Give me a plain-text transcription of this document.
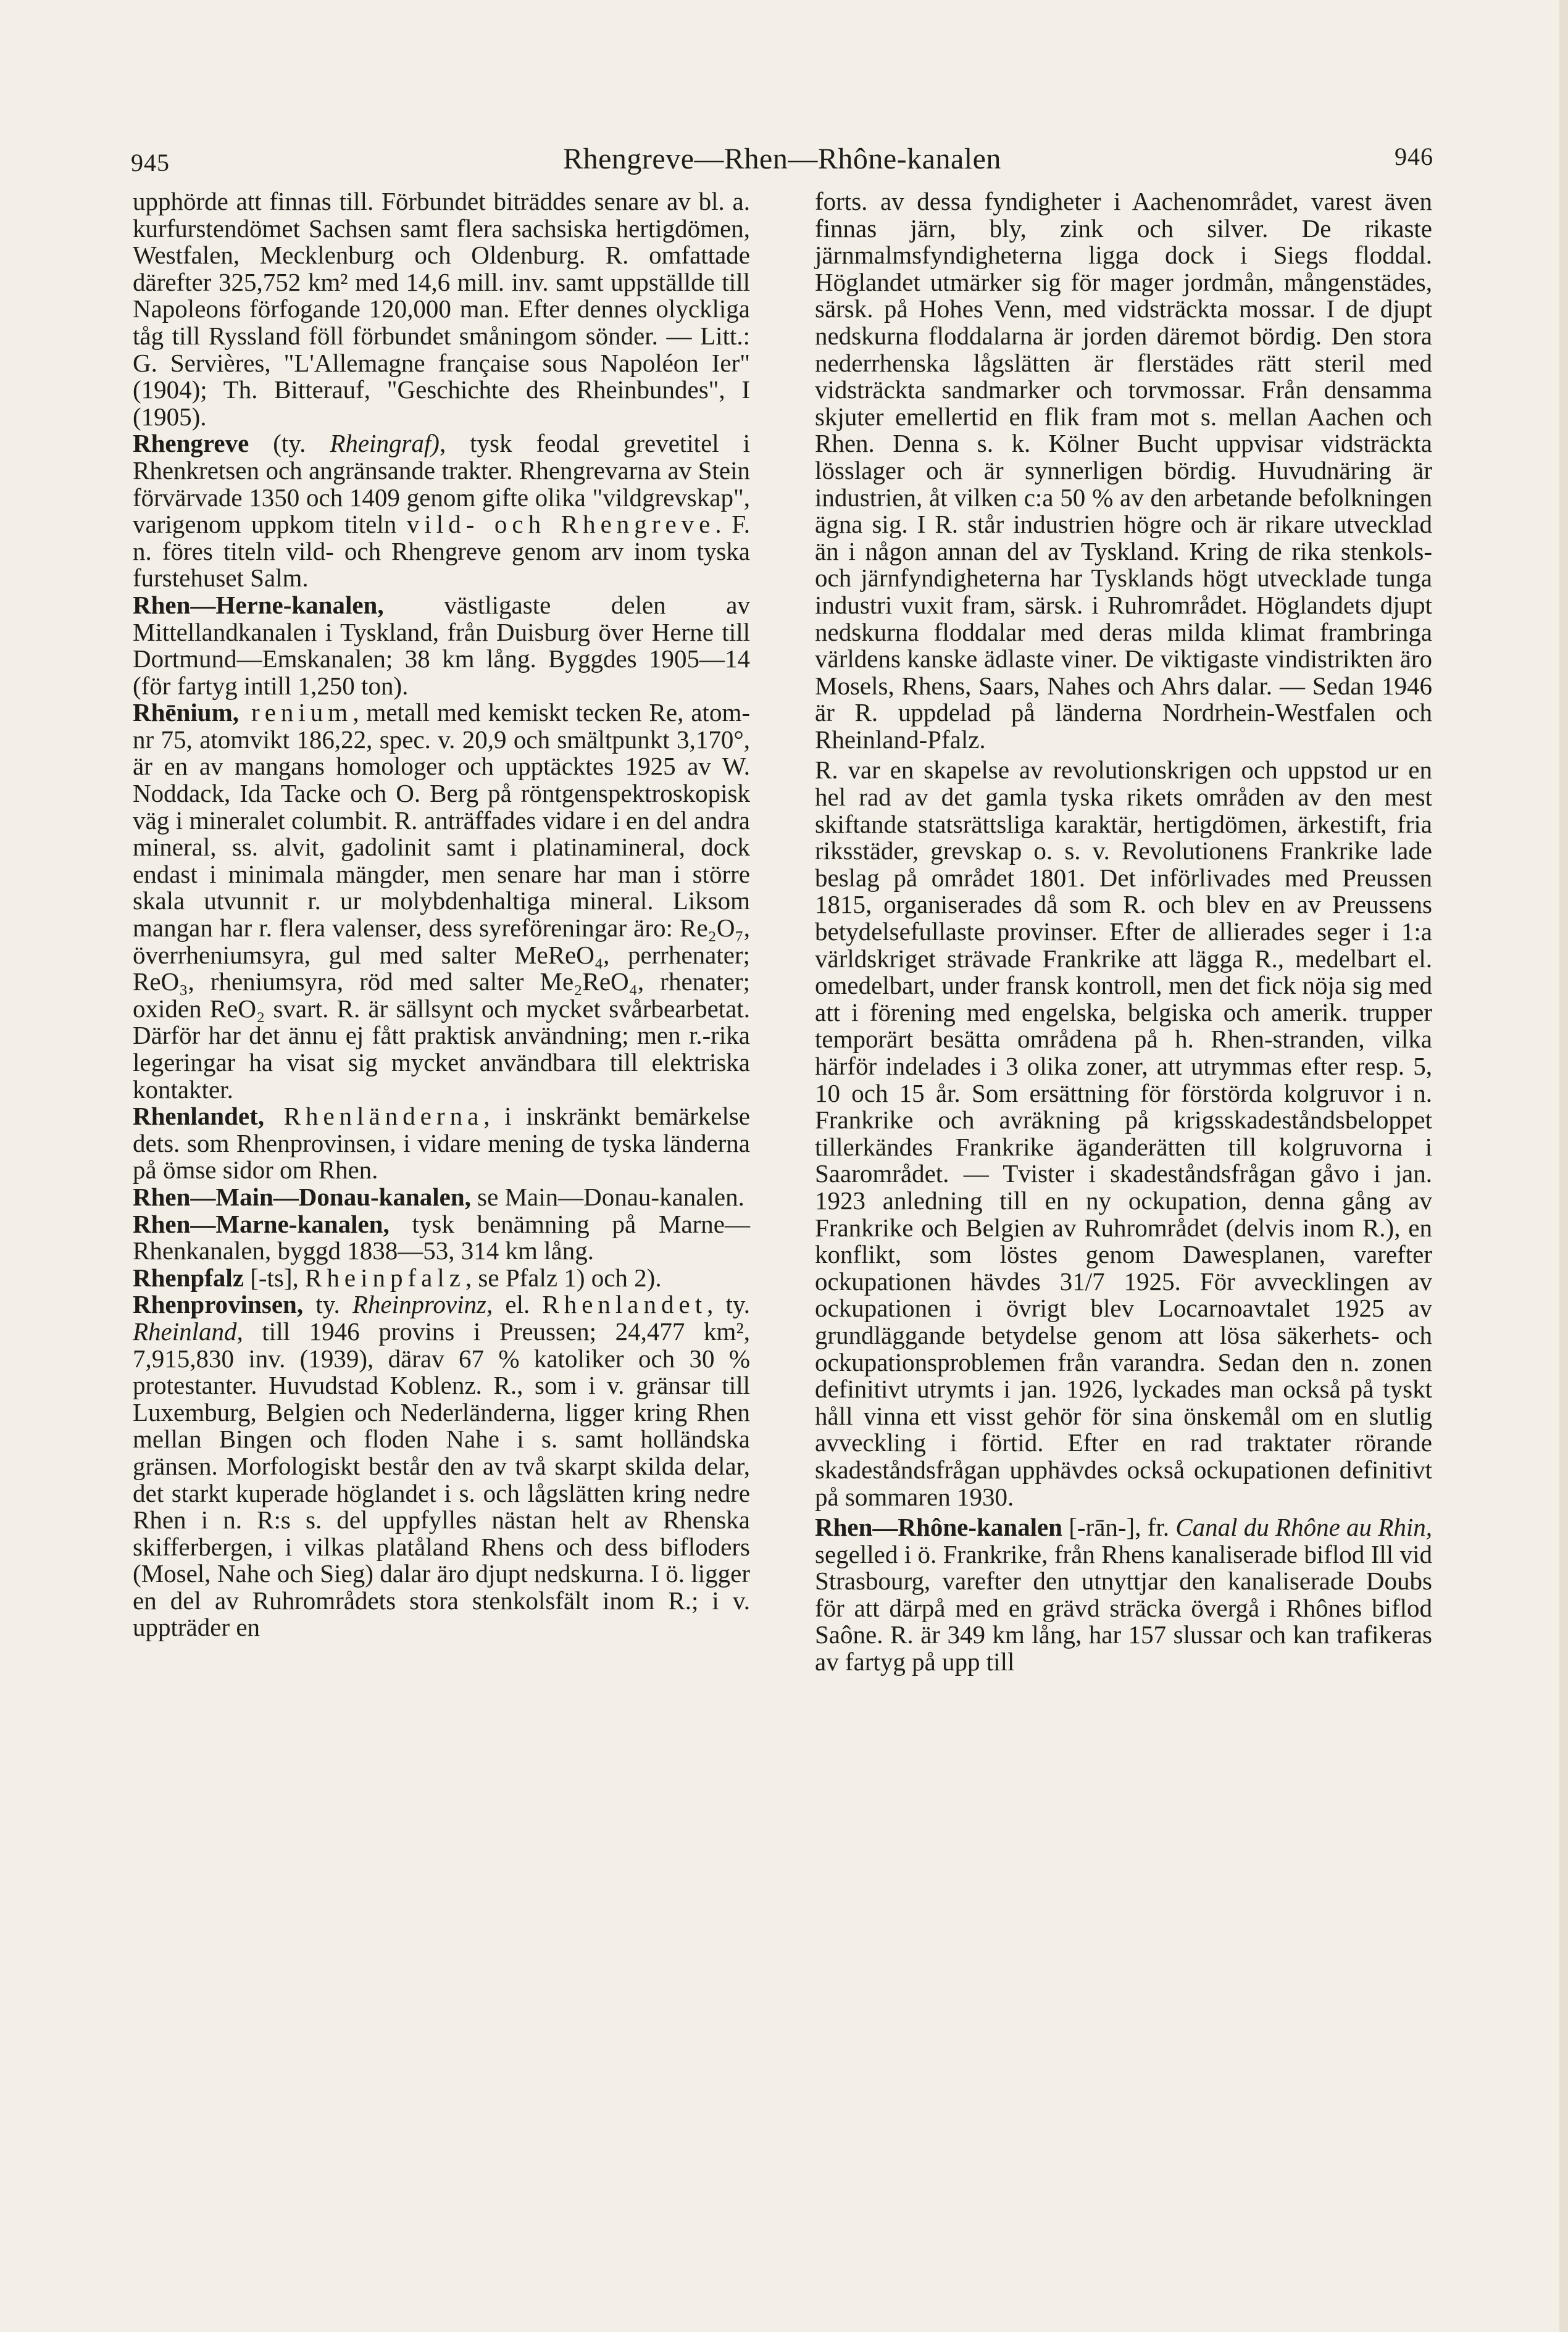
945	Rhengreve—Rhen—Rhône-kanalen	946

upphörde att finnas till. Förbundet biträddes senare av bl. a. kurfurstendömet Sachsen samt flera sachsiska hertigdömen, Westfalen, Mecklenburg och Oldenburg. R. omfattade därefter 325,752 km² med 14,6 mill. inv. samt uppställde till Napoleons förfogande 120,000 man. Efter dennes olyckliga tåg till Ryssland föll förbundet småningom sönder. — Litt.: G. Servières, "L'Allemagne française sous Napoléon Ier" (1904); Th. Bitterauf, "Geschichte des Rheinbundes", I (1905).

Rhengreve (ty. Rheingraf), tysk feodal grevetitel i Rhenkretsen och angränsande trakter. Rhengrevarna av Stein förvärvade 1350 och 1409 genom gifte olika "vildgrevskap", varigenom uppkom titeln vild- och Rhengreve. F. n. föres titeln vild- och Rhengreve genom arv inom tyska furstehuset Salm.

Rhen—Herne-kanalen, västligaste delen av Mittellandkanalen i Tyskland, från Duisburg över Herne till Dortmund—Emskanalen; 38 km lång. Byggdes 1905—14 (för fartyg intill 1,250 ton).

Rhēnium, renium, metall med kemiskt tecken Re, atom-nr 75, atomvikt 186,22, spec. v. 20,9 och smältpunkt 3,170°, är en av mangans homologer och upptäcktes 1925 av W. Noddack, Ida Tacke och O. Berg på röntgenspektroskopisk väg i mineralet columbit. R. anträffades vidare i en del andra mineral, ss. alvit, gadolinit samt i platinamineral, dock endast i minimala mängder, men senare har man i större skala utvunnit r. ur molybdenhaltiga mineral. Liksom mangan har r. flera valenser, dess syreföreningar äro: Re₂O₇, överrheniumsyra, gul med salter MeReO₄, perrhenater; ReO₃, rheniumsyra, röd med salter Me₂ReO₄, rhenater; oxiden ReO₂ svart. R. är sällsynt och mycket svårbearbetat. Därför har det ännu ej fått praktisk användning; men r.-rika legeringar ha visat sig mycket användbara till elektriska kontakter.

Rhenlandet, Rhenländerna, i inskränkt bemärkelse dets. som Rhenprovinsen, i vidare mening de tyska länderna på ömse sidor om Rhen.

Rhen—Main—Donau-kanalen, se Main—Donau-kanalen.

Rhen—Marne-kanalen, tysk benämning på Marne—Rhenkanalen, byggd 1838—53, 314 km lång.

Rhenpfalz [-ts], Rheinpfalz, se Pfalz 1) och 2).

Rhenprovinsen, ty. Rheinprovinz, el. Rhenlandet, ty. Rheinland, till 1946 provins i Preussen; 24,477 km², 7,915,830 inv. (1939), därav 67 % katoliker och 30 % protestanter. Huvudstad Koblenz. R., som i v. gränsar till Luxemburg, Belgien och Nederländerna, ligger kring Rhen mellan Bingen och floden Nahe i s. samt holländska gränsen. Morfologiskt består den av två skarpt skilda delar, det starkt kuperade höglandet i s. och lågslätten kring nedre Rhen i n. R:s s. del uppfylles nästan helt av Rhenska skifferbergen, i vilkas platåland Rhens och dess bifloders (Mosel, Nahe och Sieg) dalar äro djupt nedskurna. I ö. ligger en del av Ruhrområdets stora stenkolsfält inom R.; i v. uppträder en

forts. av dessa fyndigheter i Aachenområdet, varest även finnas järn, bly, zink och silver. De rikaste järnmalmsfyndigheterna ligga dock i Siegs floddal. Höglandet utmärker sig för mager jordmån, mångenstädes, särsk. på Hohes Venn, med vidsträckta mossar. I de djupt nedskurna floddalarna är jorden däremot bördig. Den stora nederrhenska lågslätten är flerstädes rätt steril med vidsträckta sandmarker och torvmossar. Från densamma skjuter emellertid en flik fram mot s. mellan Aachen och Rhen. Denna s. k. Kölner Bucht uppvisar vidsträckta lösslager och är synnerligen bördig. Huvudnäring är industrien, åt vilken c:a 50 % av den arbetande befolkningen ägna sig. I R. står industrien högre och är rikare utvecklad än i någon annan del av Tyskland. Kring de rika stenkols- och järnfyndigheterna har Tysklands högt utvecklade tunga industri vuxit fram, särsk. i Ruhrområdet. Höglandets djupt nedskurna floddalar med deras milda klimat frambringa världens kanske ädlaste viner. De viktigaste vindistrikten äro Mosels, Rhens, Saars, Nahes och Ahrs dalar. — Sedan 1946 är R. uppdelad på länderna Nordrhein-Westfalen och Rheinland-Pfalz.

R. var en skapelse av revolutionskrigen och uppstod ur en hel rad av det gamla tyska rikets områden av den mest skiftande statsrättsliga karaktär, hertigdömen, ärkestift, fria riksstäder, grevskap o. s. v. Revolutionens Frankrike lade beslag på området 1801. Det införlivades med Preussen 1815, organiserades då som R. och blev en av Preussens betydelsefullaste provinser. Efter de allierades seger i 1:a världskriget strävade Frankrike att lägga R., medelbart el. omedelbart, under fransk kontroll, men det fick nöja sig med att i förening med engelska, belgiska och amerik. trupper temporärt besätta områdena på h. Rhen-stranden, vilka härför indelades i 3 olika zoner, att utrymmas efter resp. 5, 10 och 15 år. Som ersättning för förstörda kolgruvor i n. Frankrike och avräkning på krigsskadeståndsbeloppet tillerkändes Frankrike äganderätten till kolgruvorna i Saarområdet. — Tvister i skadeståndsfrågan gåvo i jan. 1923 anledning till en ny ockupation, denna gång av Frankrike och Belgien av Ruhrområdet (delvis inom R.), en konflikt, som löstes genom Dawesplanen, varefter ockupationen hävdes 31/7 1925. För avvecklingen av ockupationen i övrigt blev Locarnoavtalet 1925 av grundläggande betydelse genom att lösa säkerhets- och ockupationsproblemen från varandra. Sedan den n. zonen definitivt utrymts i jan. 1926, lyckades man också på tyskt håll vinna ett visst gehör för sina önskemål om en slutlig avveckling i förtid. Efter en rad traktater rörande skadeståndsfrågan upphävdes också ockupationen definitivt på sommaren 1930.

Rhen—Rhône-kanalen [-rān-], fr. Canal du Rhône au Rhin, segelled i ö. Frankrike, från Rhens kanaliserade biflod Ill vid Strasbourg, varefter den utnyttjar den kanaliserade Doubs för att därpå med en grävd sträcka övergå i Rhônes biflod Saône. R. är 349 km lång, har 157 slussar och kan trafikeras av fartyg på upp till
